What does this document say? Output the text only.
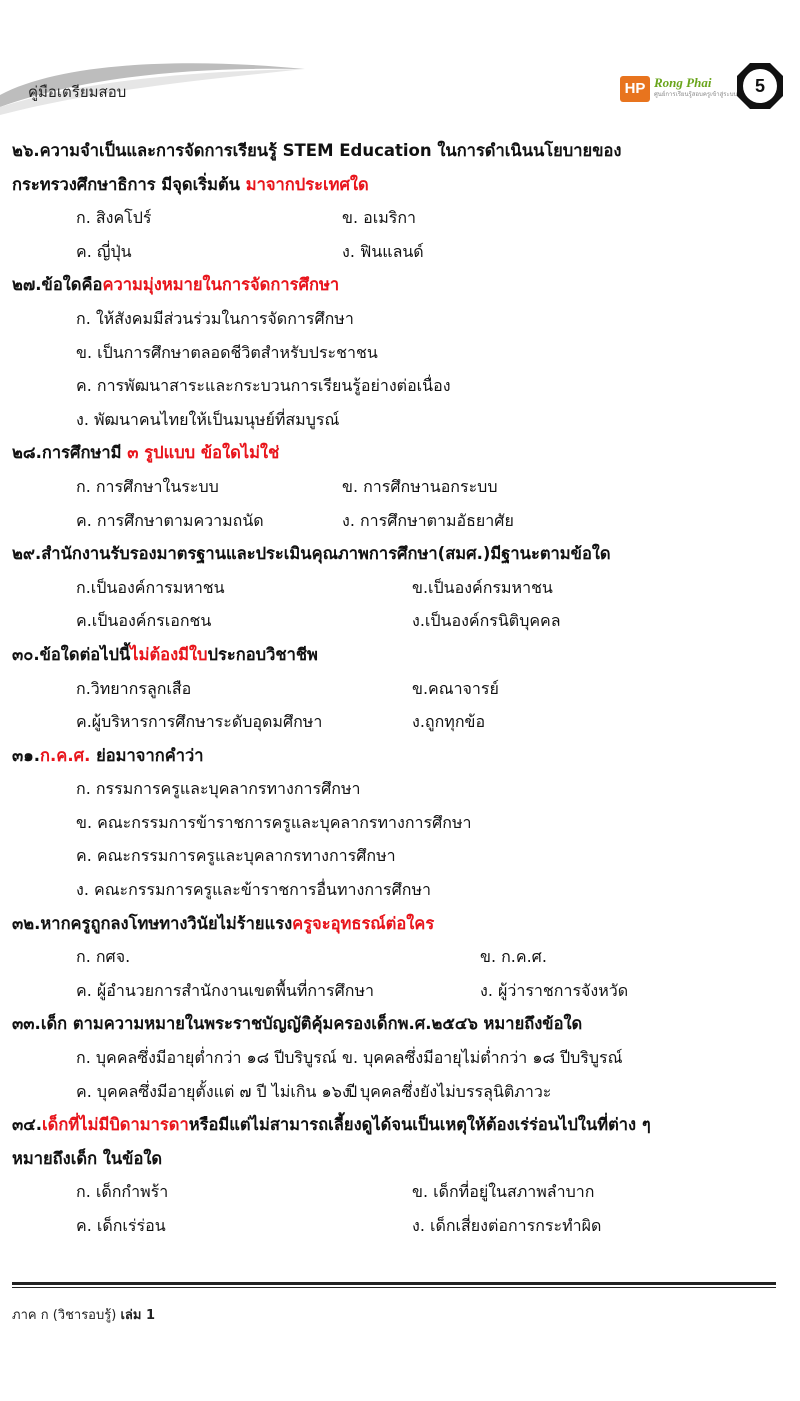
คู่มือเตรียมสอบ	HP Rong Phai
ศูนย์การเรียนรู้สอบครูเข้าสู่ระบบ 5
๒๖.ความจำเป็นและการจัดการเรียนรู้ STEM Education ในการดำเนินนโยบายของ
กระทรวงศึกษาธิการ มีจุดเริ่มต้น มาจากประเทศใด
ก. สิงคโปร์	ข. อเมริกา
ค. ญี่ปุ่น	ง. ฟินแลนด์
๒๗.ข้อใดคือความมุ่งหมายในการจัดการศึกษา
ก. ให้สังคมมีส่วนร่วมในการจัดการศึกษา
ข. เป็นการศึกษาตลอดชีวิตสำหรับประชาชน
ค. การพัฒนาสาระและกระบวนการเรียนรู้อย่างต่อเนื่อง
ง. พัฒนาคนไทยให้เป็นมนุษย์ที่สมบูรณ์
๒๘.การศึกษามี ๓ รูปแบบ ข้อใดไม่ใช่
ก. การศึกษาในระบบ	ข. การศึกษานอกระบบ
ค. การศึกษาตามความถนัด	ง. การศึกษาตามอัธยาศัย
๒๙.สำนักงานรับรองมาตรฐานและประเมินคุณภาพการศึกษา(สมศ.)มีฐานะตามข้อใด
ก.เป็นองค์การมหาชน	ข.เป็นองค์กรมหาชน
ค.เป็นองค์กรเอกชน	ง.เป็นองค์กรนิติบุคคล
๓๐.ข้อใดต่อไปนี้ไม่ต้องมีใบประกอบวิชาชีพ
ก.วิทยากรลูกเสือ	ข.คณาจารย์
ค.ผู้บริหารการศึกษาระดับอุดมศึกษา	ง.ถูกทุกข้อ
๓๑.ก.ค.ศ. ย่อมาจากคำว่า
ก. กรรมการครูและบุคลากรทางการศึกษา
ข. คณะกรรมการข้าราชการครูและบุคลากรทางการศึกษา
ค. คณะกรรมการครูและบุคลากรทางการศึกษา
ง. คณะกรรมการครูและข้าราชการอื่นทางการศึกษา
๓๒.หากครูถูกลงโทษทางวินัยไม่ร้ายแรงครูจะอุทธรณ์ต่อใคร
ก. กศจ.	ข. ก.ค.ศ.
ค. ผู้อำนวยการสำนักงานเขตพื้นที่การศึกษา	ง. ผู้ว่าราชการจังหวัด
๓๓.เด็ก ตามความหมายในพระราชบัญญัติคุ้มครองเด็กพ.ศ.๒๕๔๖ หมายถึงข้อใด
ก. บุคคลซึ่งมีอายุต่ำกว่า ๑๘ ปีบริบูรณ์ ข. บุคคลซึ่งมีอายุไม่ต่ำกว่า ๑๘ ปีบริบูรณ์
ค. บุคคลซึ่งมีอายุตั้งแต่ ๗ ปี ไม่เกิน ๑๖ ปี
ง. บุคคลซึ่งยังไม่บรรลุนิติภาวะ
๓๔.เด็กที่ไม่มีบิดามารดาหรือมีแต่ไม่สามารถเลี้ยงดูได้จนเป็นเหตุให้ต้องเร่ร่อนไปในที่ต่าง ๆ
หมายถึงเด็ก ในข้อใด
ก. เด็กกำพร้า	ข. เด็กที่อยู่ในสภาพลำบาก
ค. เด็กเร่ร่อน	ง. เด็กเสี่ยงต่อการกระทำผิด
ภาค ก (วิชารอบรู้) เล่ม 1
